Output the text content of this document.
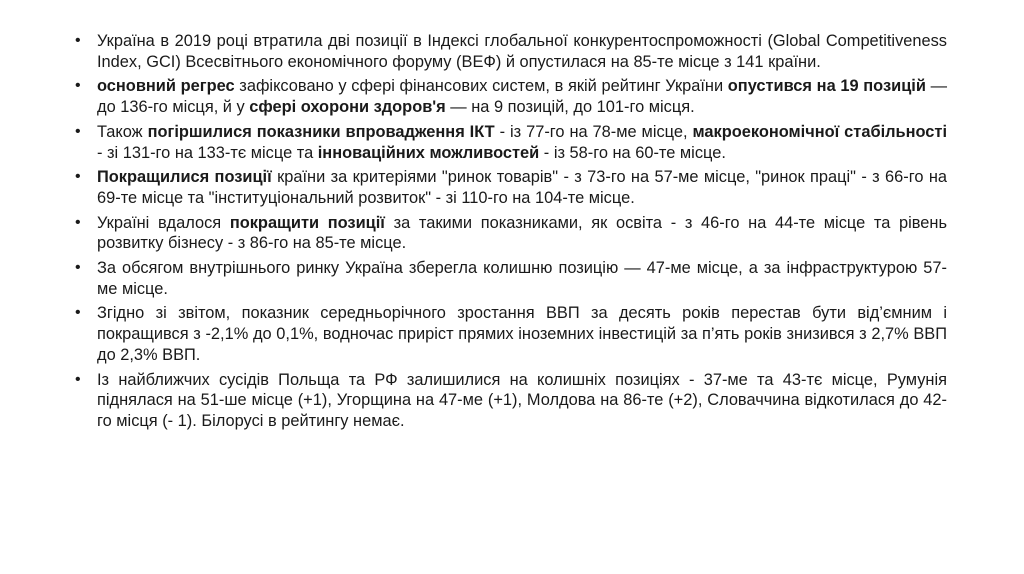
• Україна в 2019 році втратила дві позиції в Індексі глобальної конкурентоспроможності (Global Competitiveness Index, GCI) Всесвітнього економічного форуму (ВЕФ) й опустилася на 85-те місце з 141 країни.
• основний регрес зафіксовано у сфері фінансових систем, в якій рейтинг України опустився на 19 позицій — до 136-го місця, й у сфері охорони здоров'я — на 9 позицій, до 101-го місця.
• Також погіршилися показники впровадження ІКТ - із 77-го на 78-ме місце, макроекономічної стабільності - зі 131-го на 133-тє місце та інноваційних можливостей - із 58-го на 60-те місце.
• Покращилися позиції країни за критеріями "ринок товарів" - з 73-го на 57-ме місце, "ринок праці" - з 66-го на 69-те місце та "інституціональний розвиток" - зі 110-го на 104-те місце.
• Україні вдалося покращити позиції за такими показниками, як освіта - з 46-го на 44-те місце та рівень розвитку бізнесу - з 86-го на 85-те місце.
• За обсягом внутрішнього ринку Україна зберегла колишню позицію — 47-ме місце, а за інфраструктурою 57-ме місце.
• Згідно зі звітом, показник середньорічного зростання ВВП за десять років перестав бути від’ємним і покращився з -2,1% до 0,1%, водночас приріст прямих іноземних інвестицій за п’ять років знизився з 2,7% ВВП до 2,3% ВВП.
• Із найближчих сусідів Польща та РФ залишилися на колишніх позиціях - 37-ме та 43-тє місце, Румунія піднялася на 51-ше місце (+1), Угорщина на 47-ме (+1), Молдова на 86-те (+2), Словаччина відкотилася до 42-го місця (- 1). Білорусі в рейтингу немає.
